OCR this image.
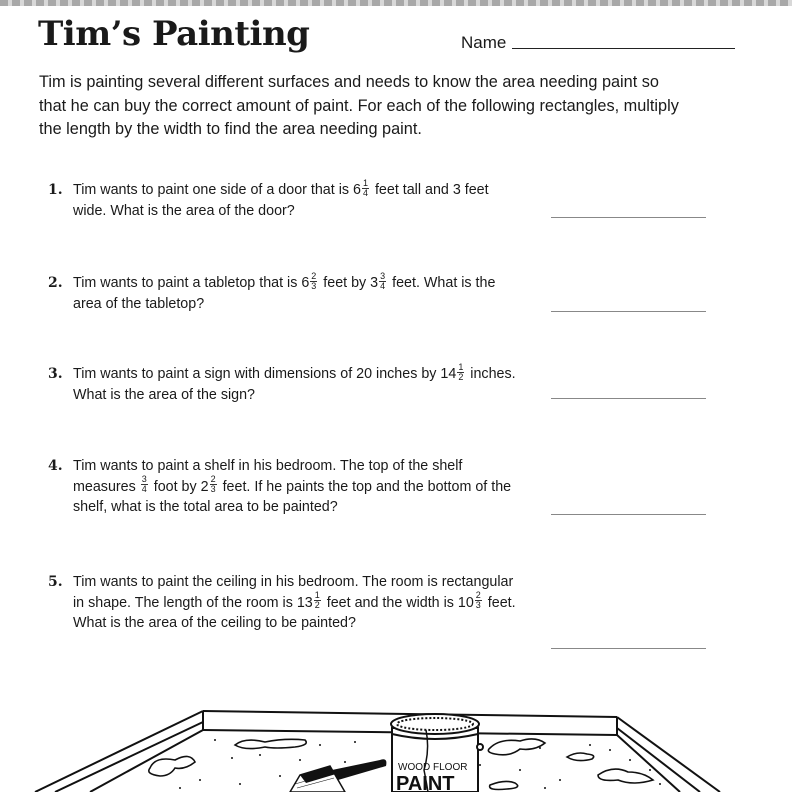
Tim’s Painting	Name
Tim is painting several different surfaces and needs to know the area needing paint so that he can buy the correct amount of paint. For each of the following rectangles, multiply the length by the width to find the area needing paint.
1. Tim wants to paint one side of a door that is $6 \frac{1}{4}$ feet tall and 3 feet wide. What is the area of the door?
2. Tim wants to paint a tabletop that is $6 \frac{2}{3}$ feet by $3 \frac{3}{4}$ feet. What is the area of the tabletop?
3. Tim wants to paint a sign with dimensions of 20 inches by $14 \frac{1}{2}$ inches. What is the area of the sign?
4. Tim wants to paint a shelf in his bedroom. The top of the shelf measures $\frac{3}{4}$ foot by $2 \frac{2}{3}$ feet. If he paints the top and the bottom of the shelf, what is the total area to be painted?
5. Tim wants to paint the ceiling in his bedroom. The room is rectangular in shape. The length of the room is $13 \frac{1}{2}$ feet and the width is $10 \frac{2}{3}$ feet. What is the area of the ceiling to be painted?
WOOD FLOOR
PAINT
